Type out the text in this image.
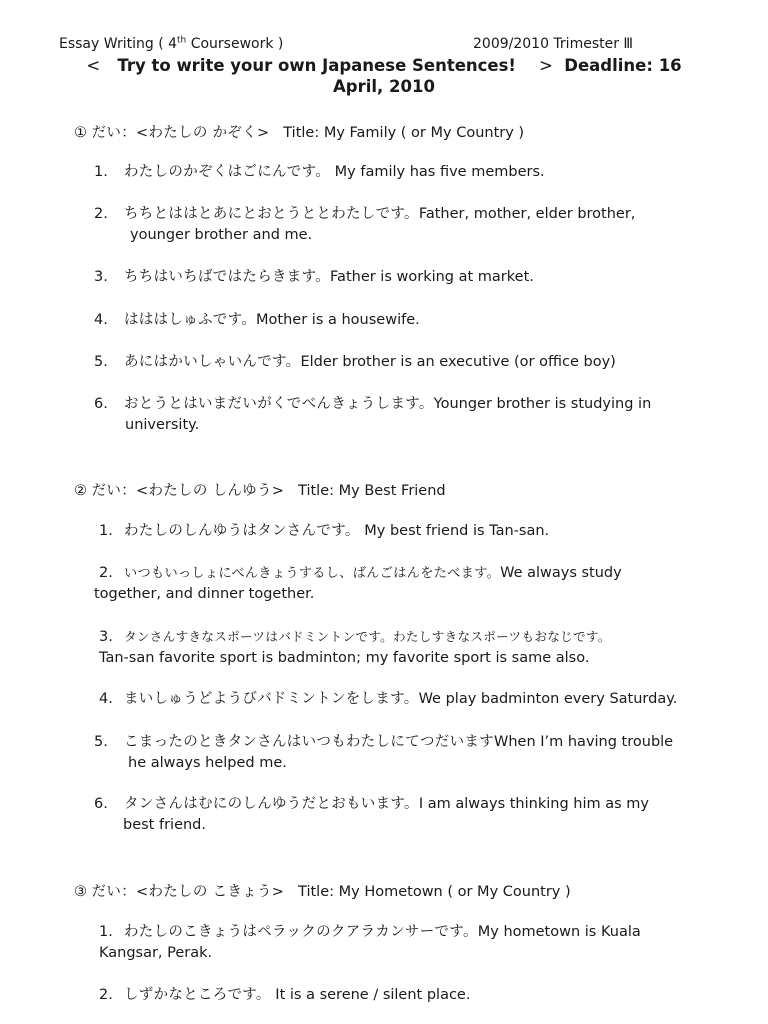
Essay Writing ( 4th Coursework )	2009/2010 Trimester Ⅲ
< Try to write your own Japanese Sentences! > Deadline: 16
April, 2010
① だい：<わたしの かぞく> Title: My Family ( or My Country )
1. わたしのかぞくはごにんです。 My family has five members.
2. ちちとははとあにとおとうととわたしです。Father, mother, elder brother,
younger brother and me.
3. ちちはいちばではたらきます。Father is working at market.
4. はははしゅふです。Mother is a housewife.
5. あにはかいしゃいんです。Elder brother is an executive (or office boy)
6. おとうとはいまだいがくでべんきょうします。Younger brother is studying in
university.
② だい：<わたしの しんゆう> Title: My Best Friend
1. わたしのしんゆうはタンさんです。 My best friend is Tan-san.
2. いつもいっしょにべんきょうするし、ばんごはんをたべます。We always study
together, and dinner together.
3. タンさんすきなスポーツはバドミントンです。わたしすきなスポーツもおなじです。
Tan-san favorite sport is badminton; my favorite sport is same also.
4. まいしゅうどようびバドミントンをします。We play badminton every Saturday.
5. こまったのときタンさんはいつもわたしにてつだいますWhen I’m having trouble
he always helped me.
6. タンさんはむにのしんゆうだとおもいます。I am always thinking him as my
best friend.
③ だい：<わたしの こきょう> Title: My Hometown ( or My Country )
1. わたしのこきょうはペラックのクアラカンサーです。My hometown is Kuala
Kangsar, Perak.
2. しずかなところです。 It is a serene / silent place.
